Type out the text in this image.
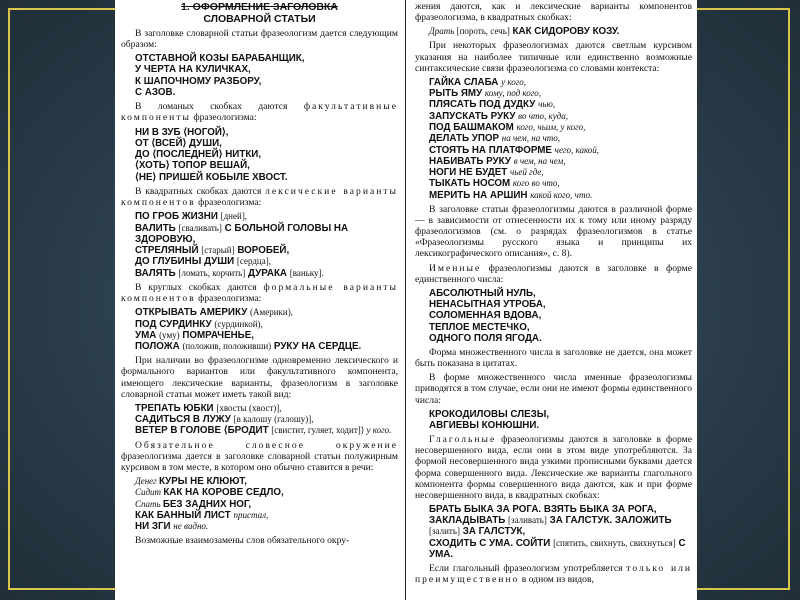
1. ОФОРМЛЕНИЕ ЗАГОЛОВКА
СЛОВАРНОЙ СТАТЬИ

В заголовке словарной статьи фразеологизм дается следующим образом:

ОТСТАВНОЙ КОЗЫ БАРАБАНЩИК,
У ЧЕРТА НА КУЛИЧКАХ,
К ШАПОЧНОМУ РАЗБОРУ,
С АЗОВ.

В ломаных скобках даются факультативные компоненты фразеологизма:

НИ В ЗУБ ⟨НОГОЙ⟩,
ОТ ⟨ВСЕЙ⟩ ДУШИ,
ДО ⟨ПОСЛЕДНЕЙ⟩ НИТКИ,
⟨ХОТЬ⟩ ТОПОР ВЕШАЙ,
⟨НЕ⟩ ПРИШЕЙ КОБЫЛЕ ХВОСТ.

В квадратных скобках даются лексические варианты компонентов фразеологизма:

ПО ГРОБ ЖИЗНИ [дней],
ВАЛИТЬ [сваливать] С БОЛЬНОЙ ГОЛОВЫ НА ЗДОРОВУЮ,
СТРЕЛЯНЫЙ [старый] ВОРОБЕЙ,
ДО ГЛУБИНЫ ДУШИ [сердца],
ВАЛЯТЬ [ломать, корчить] ДУРАКА [ваньку].

В круглых скобках даются формальные варианты компонентов фразеологизма:

ОТКРЫВАТЬ АМЕРИКУ (Америки),
ПОД СУРДИНКУ (сурдинкой),
УМА (уму) ПОМРАЧЕНЬЕ,
ПОЛОЖА (положив, положивши) РУКУ НА СЕРДЦЕ.

При наличии во фразеологизме одновременно лексического и формального вариантов или факультативного компонента, имеющего лексические варианты, фразеологизм в заголовке словарной статьи может иметь такой вид:

ТРЕПАТЬ ЮБКИ [хвосты (хвост)],
САДИТЬСЯ В ЛУЖУ [в калошу (галошу)],
ВЕТЕР В ГОЛОВЕ ⟨БРОДИТ [свистит, гуляет, ходит]⟩ у кого.

Обязательное словесное окружение фразеологизма дается в заголовке словарной статьи полужирным курсивом в том месте, в котором оно обычно ставится в речи:

Денег КУРЫ НЕ КЛЮЮТ,
Сидит КАК НА КОРОВЕ СЕДЛО,
Спать БЕЗ ЗАДНИХ НОГ,
КАК БАННЫЙ ЛИСТ пристал,
НИ ЗГИ не видно.

Возможные взаимозамены слов обязательного окру-

жения даются, как и лексические варианты компонентов фразеологизма, в квадратных скобках:

Драть [пороть, сечь] КАК СИДОРОВУ КОЗУ.

При некоторых фразеологизмах даются светлым курсивом указания на наиболее типичные или единственно возможные синтаксические связи фразеологизма со словами контекста:

ГАЙКА СЛАБА у кого,
РЫТЬ ЯМУ кому, под кого,
ПЛЯСАТЬ ПОД ДУДКУ чью,
ЗАПУСКАТЬ РУКУ во что, куда,
ПОД БАШМАКОМ кого, чьим, у кого,
ДЕЛАТЬ УПОР на чем, на что,
СТОЯТЬ НА ПЛАТФОРМЕ чего, какой,
НАБИВАТЬ РУКУ в чем, на чем,
НОГИ НЕ БУДЕТ чьей где,
ТЫКАТЬ НОСОМ кого во что,
МЕРИТЬ НА АРШИН какой кого, что.

В заголовке статьи фразеологизмы даются в различной форме — в зависимости от отнесенности их к тому или иному разряду фразеологизмов (см. о разрядах фразеологизмов в статье «Фразеологизмы русского языка и принципы их лексикографического описания», с. 8).

Именные фразеологизмы даются в заголовке в форме единственного числа:

АБСОЛЮТНЫЙ НУЛЬ,
НЕНАСЫТНАЯ УТРОБА,
СОЛОМЕННАЯ ВДОВА,
ТЕПЛОЕ МЕСТЕЧКО,
ОДНОГО ПОЛЯ ЯГОДА.

Форма множественного числа в заголовке не дается, она может быть показана в цитатах.

В форме множественного числа именные фразеологизмы приводятся в том случае, если они не имеют формы единственного числа:

КРОКОДИЛОВЫ СЛЕЗЫ,
АВГИЕВЫ КОНЮШНИ.

Глагольные фразеологизмы даются в заголовке в форме несовершенного вида, если они в этом виде употребляются. За формой несовершенного вида узкими прописными буквами дается форма совершенного вида. Лексические же варианты глагольного компонента формы совершенного вида даются, как и при форме несовершенного вида, в квадратных скобках:

БРАТЬ БЫКА ЗА РОГА. ВЗЯТЬ БЫКА ЗА РОГА,
ЗАКЛАДЫВАТЬ [заливать] ЗА ГАЛСТУК. ЗАЛОЖИТЬ [залить] ЗА ГАЛСТУК,
СХОДИТЬ С УМА. СОЙТИ [спятить, свихнуть, свихнуться] С УМА.

Если глагольный фразеологизм употребляется только или преимущественно в одном из видов,
